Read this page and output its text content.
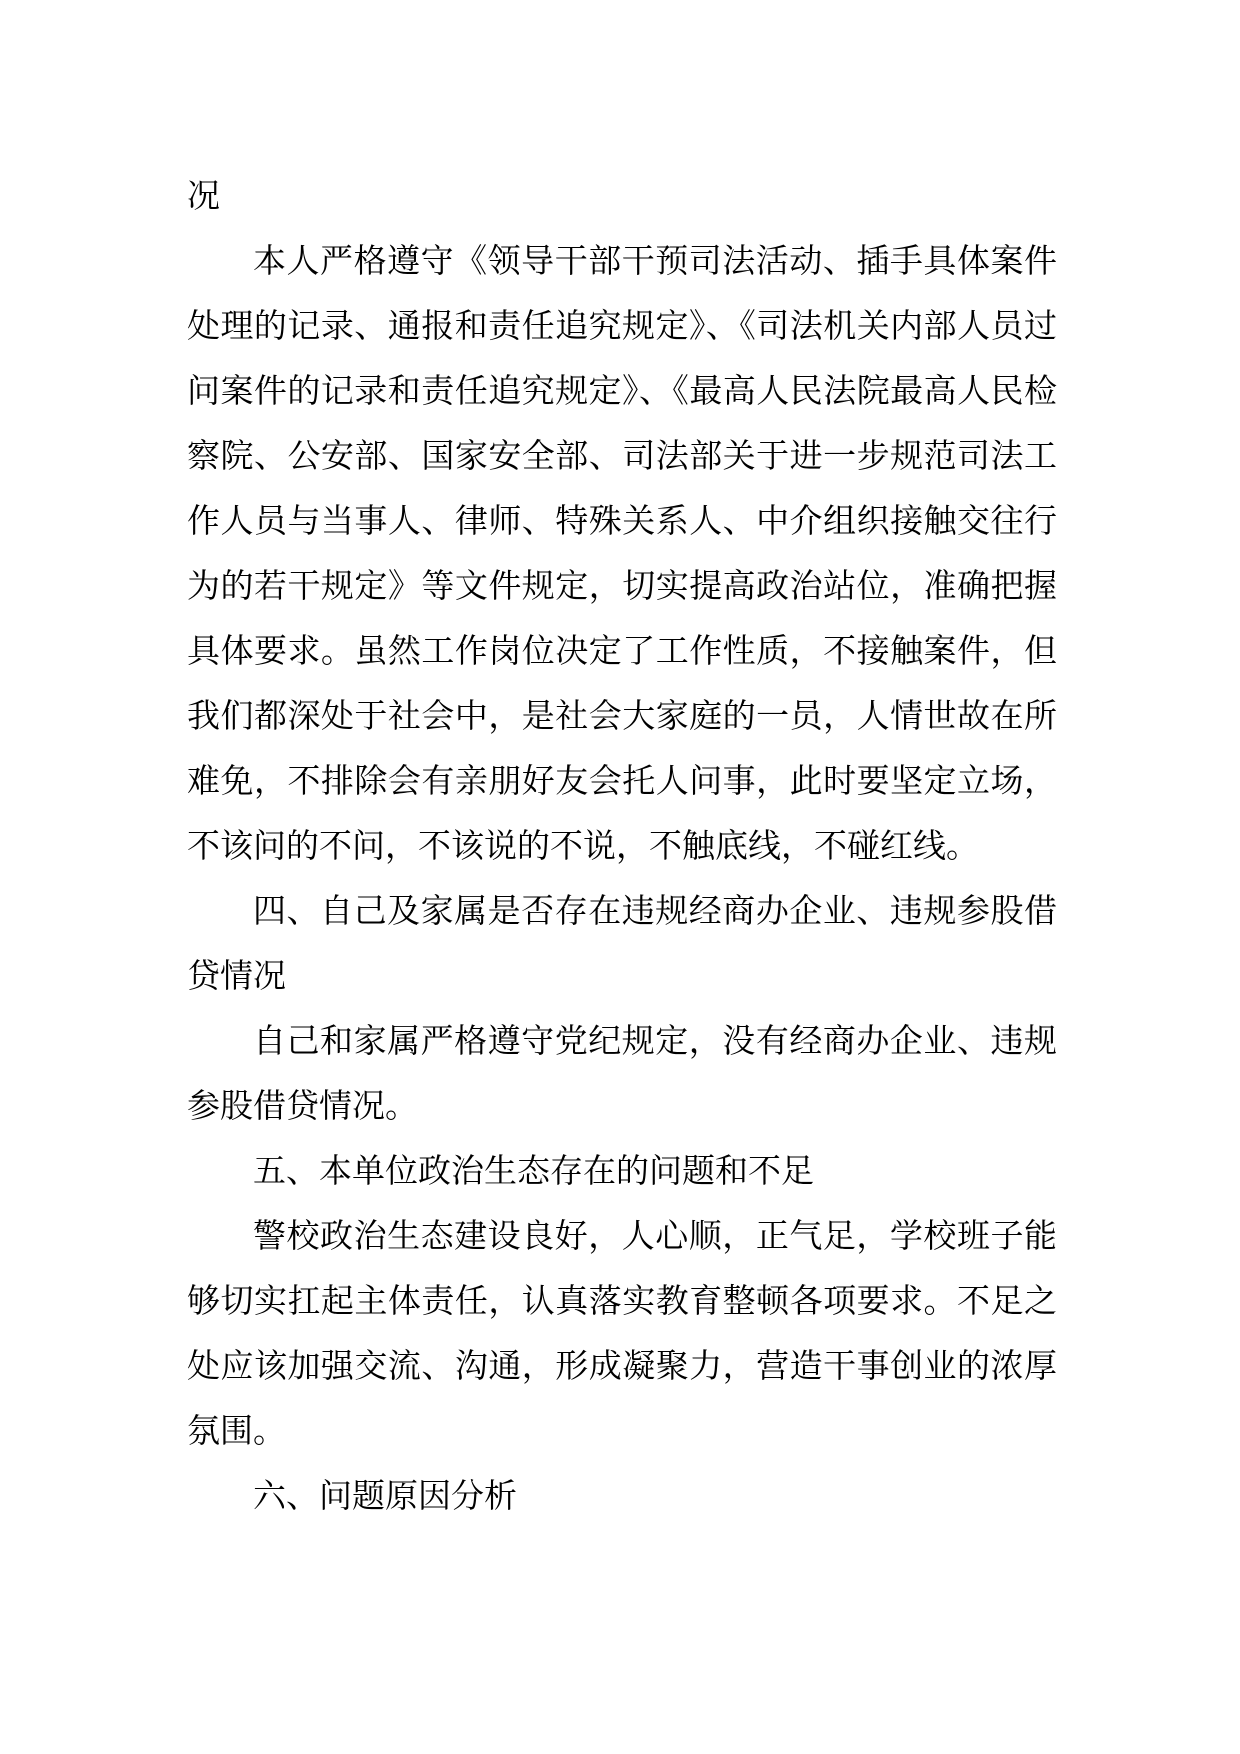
况

本人严格遵守《领导干部干预司法活动、插手具体案件处理的记录、通报和责任追究规定》、《司法机关内部人员过问案件的记录和责任追究规定》、《最高人民法院最高人民检察院、公安部、国家安全部、司法部关于进一步规范司法工作人员与当事人、律师、特殊关系人、中介组织接触交往行为的若干规定》等文件规定，切实提高政治站位，准确把握具体要求。虽然工作岗位决定了工作性质，不接触案件，但我们都深处于社会中，是社会大家庭的一员，人情世故在所难免，不排除会有亲朋好友会托人问事，此时要坚定立场，不该问的不问，不该说的不说，不触底线，不碰红线。

四、自己及家属是否存在违规经商办企业、违规参股借贷情况

自己和家属严格遵守党纪规定，没有经商办企业、违规参股借贷情况。

五、本单位政治生态存在的问题和不足

警校政治生态建设良好，人心顺，正气足，学校班子能够切实扛起主体责任，认真落实教育整顿各项要求。不足之处应该加强交流、沟通，形成凝聚力，营造干事创业的浓厚氛围。

六、问题原因分析
